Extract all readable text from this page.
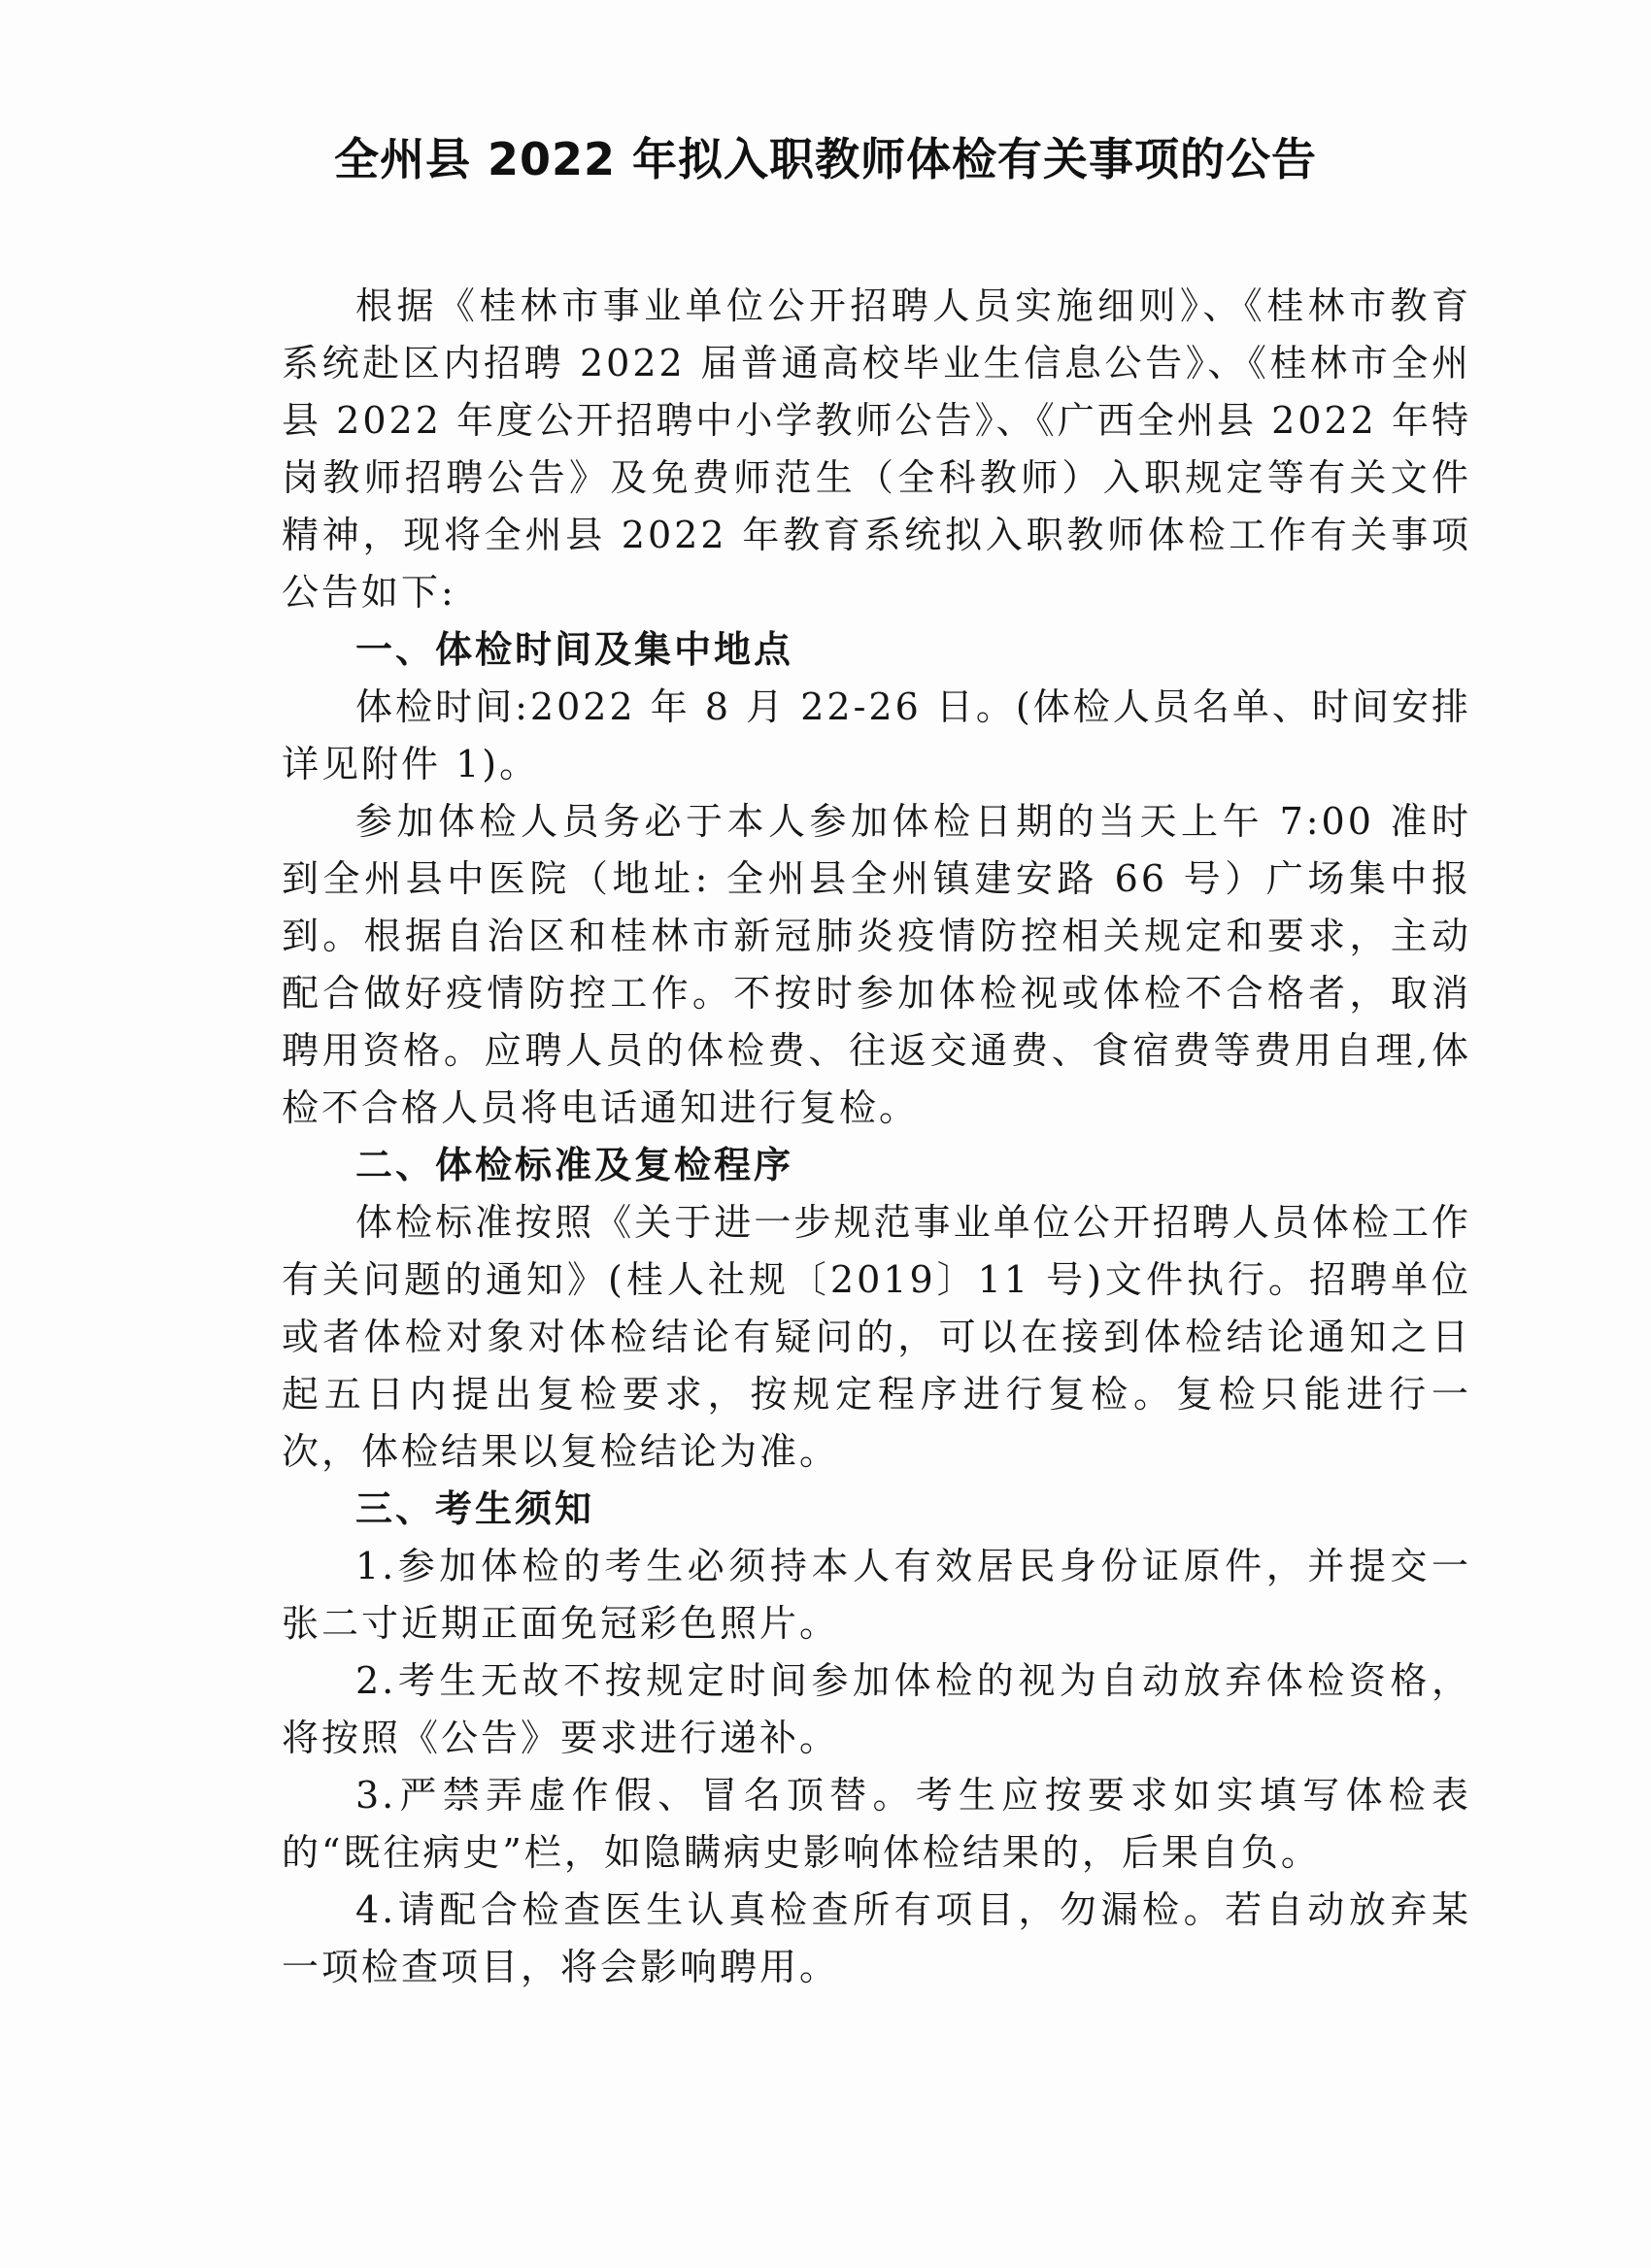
全州县 2022 年拟入职教师体检有关事项的公告

根据《桂林市事业单位公开招聘人员实施细则》、《桂林市教育系统赴区内招聘 2022 届普通高校毕业生信息公告》、《桂林市全州县 2022 年度公开招聘中小学教师公告》、《广西全州县 2022 年特岗教师招聘公告》及免费师范生（全科教师）入职规定等有关文件精神，现将全州县 2022 年教育系统拟入职教师体检工作有关事项公告如下:

一、体检时间及集中地点

体检时间:2022 年 8 月 22-26 日。(体检人员名单、时间安排详见附件 1)。

参加体检人员务必于本人参加体检日期的当天上午 7:00 准时到全州县中医院（地址: 全州县全州镇建安路 66 号）广场集中报到。根据自治区和桂林市新冠肺炎疫情防控相关规定和要求，主动配合做好疫情防控工作。不按时参加体检视或体检不合格者，取消聘用资格。应聘人员的体检费、往返交通费、食宿费等费用自理,体检不合格人员将电话通知进行复检。

二、体检标准及复检程序

体检标准按照《关于进一步规范事业单位公开招聘人员体检工作有关问题的通知》(桂人社规〔2019〕11 号)文件执行。招聘单位或者体检对象对体检结论有疑问的，可以在接到体检结论通知之日起五日内提出复检要求，按规定程序进行复检。复检只能进行一次，体检结果以复检结论为准。

三、考生须知

1.参加体检的考生必须持本人有效居民身份证原件，并提交一张二寸近期正面免冠彩色照片。

2.考生无故不按规定时间参加体检的视为自动放弃体检资格，将按照《公告》要求进行递补。

3.严禁弄虚作假、冒名顶替。考生应按要求如实填写体检表的“既往病史”栏，如隐瞒病史影响体检结果的，后果自负。

4.请配合检查医生认真检查所有项目，勿漏检。若自动放弃某一项检查项目，将会影响聘用。
